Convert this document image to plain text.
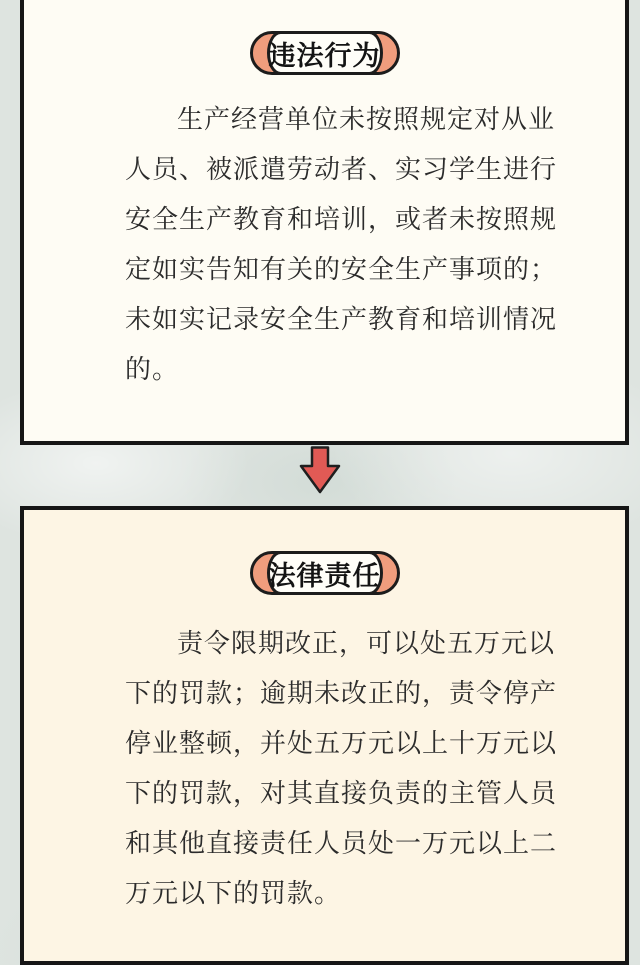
违法行为
生产经营单位未按照规定对从业
人员、被派遣劳动者、实习学生进行
安全生产教育和培训，或者未按照规
定如实告知有关的安全生产事项的；
未如实记录安全生产教育和培训情况
的。
法律责任
责令限期改正，可以处五万元以
下的罚款；逾期未改正的，责令停产
停业整顿，并处五万元以上十万元以
下的罚款，对其直接负责的主管人员
和其他直接责任人员处一万元以上二
万元以下的罚款。
